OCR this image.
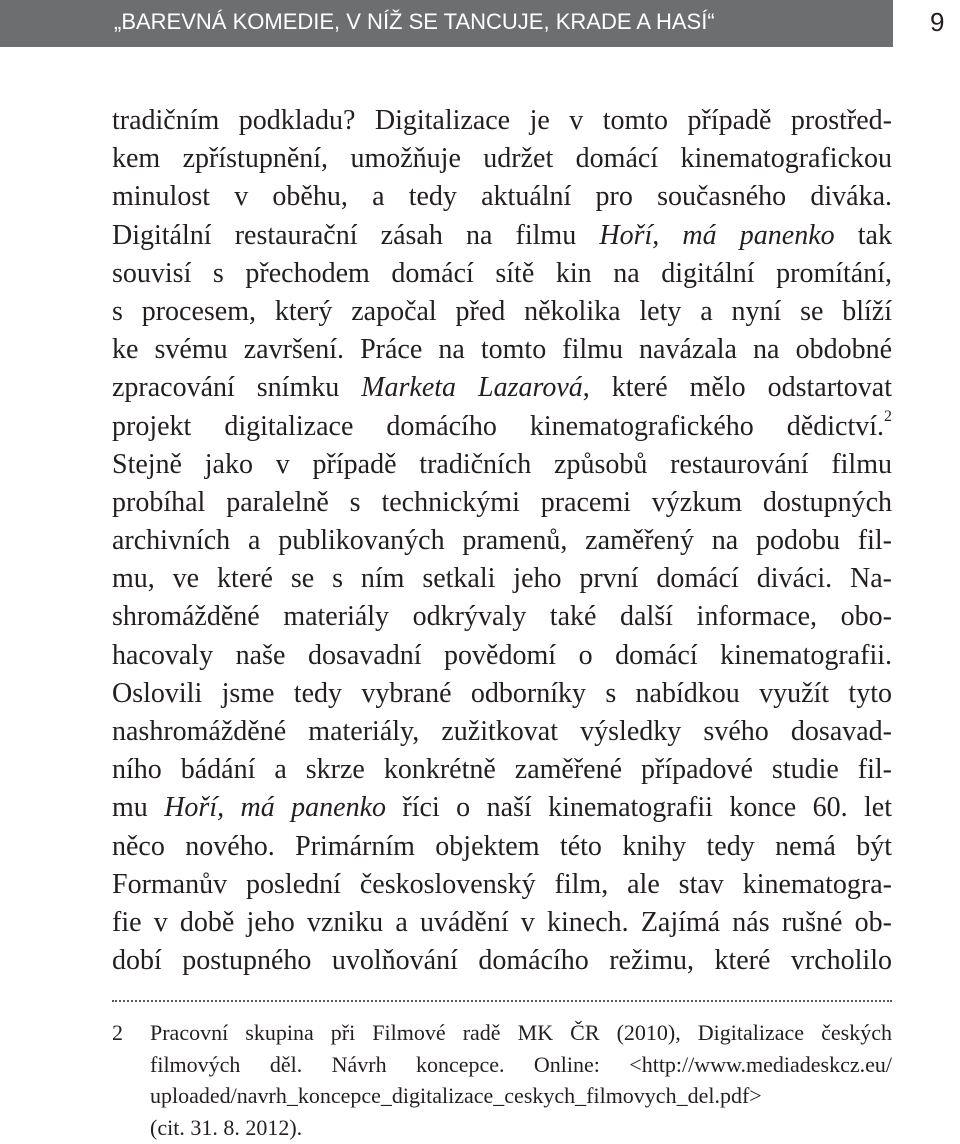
„BAREVNÁ KOMEDIE, V NÍŽ SE TANCUJE, KRADE A HASÍ“	9
tradičním podkladu? Digitalizace je v tomto případě prostřed-
kem zpřístupnění, umožňuje udržet domácí kinematografickou
minulost v oběhu, a tedy aktuální pro současného diváka.
Digitální restaurační zásah na filmu Hoří, má panenko tak
souvisí s přechodem domácí sítě kin na digitální promítání,
s procesem, který započal před několika lety a nyní se blíží
ke svému završení. Práce na tomto filmu navázala na obdobné
zpracování snímku Marketa Lazarová, které mělo odstartovat
projekt digitalizace domácího kinematografického dědictví.$^2$
Stejně jako v případě tradičních způsobů restaurování filmu
probíhal paralelně s technickými pracemi výzkum dostupných
archivních a publikovaných pramenů, zaměřený na podobu fil-
mu, ve které se s ním setkali jeho první domácí diváci. Na-
shromážděné materiály odkrývaly také další informace, obo-
hacovaly naše dosavadní povědomí o domácí kinematografii.
Oslovili jsme tedy vybrané odborníky s nabídkou využít tyto
nashromážděné materiály, zužitkovat výsledky svého dosavad-
ního bádání a skrze konkrétně zaměřené případové studie fil-
mu Hoří, má panenko říci o naší kinematografii konce 60. let
něco nového. Primárním objektem této knihy tedy nemá být
Formanův poslední československý film, ale stav kinematogra-
fie v době jeho vzniku a uvádění v kinech. Zajímá nás rušné ob-
dobí postupného uvolňování domácího režimu, které vrcholilo
2 Pracovní skupina při Filmové radě MK ČR (2010), Digitalizace českých
filmových děl. Návrh koncepce. Online: <http://www.mediadeskcz.eu/
uploaded/navrh_koncepce_digitalizace_ceskych_filmovych_del.pdf>
(cit. 31. 8. 2012).
